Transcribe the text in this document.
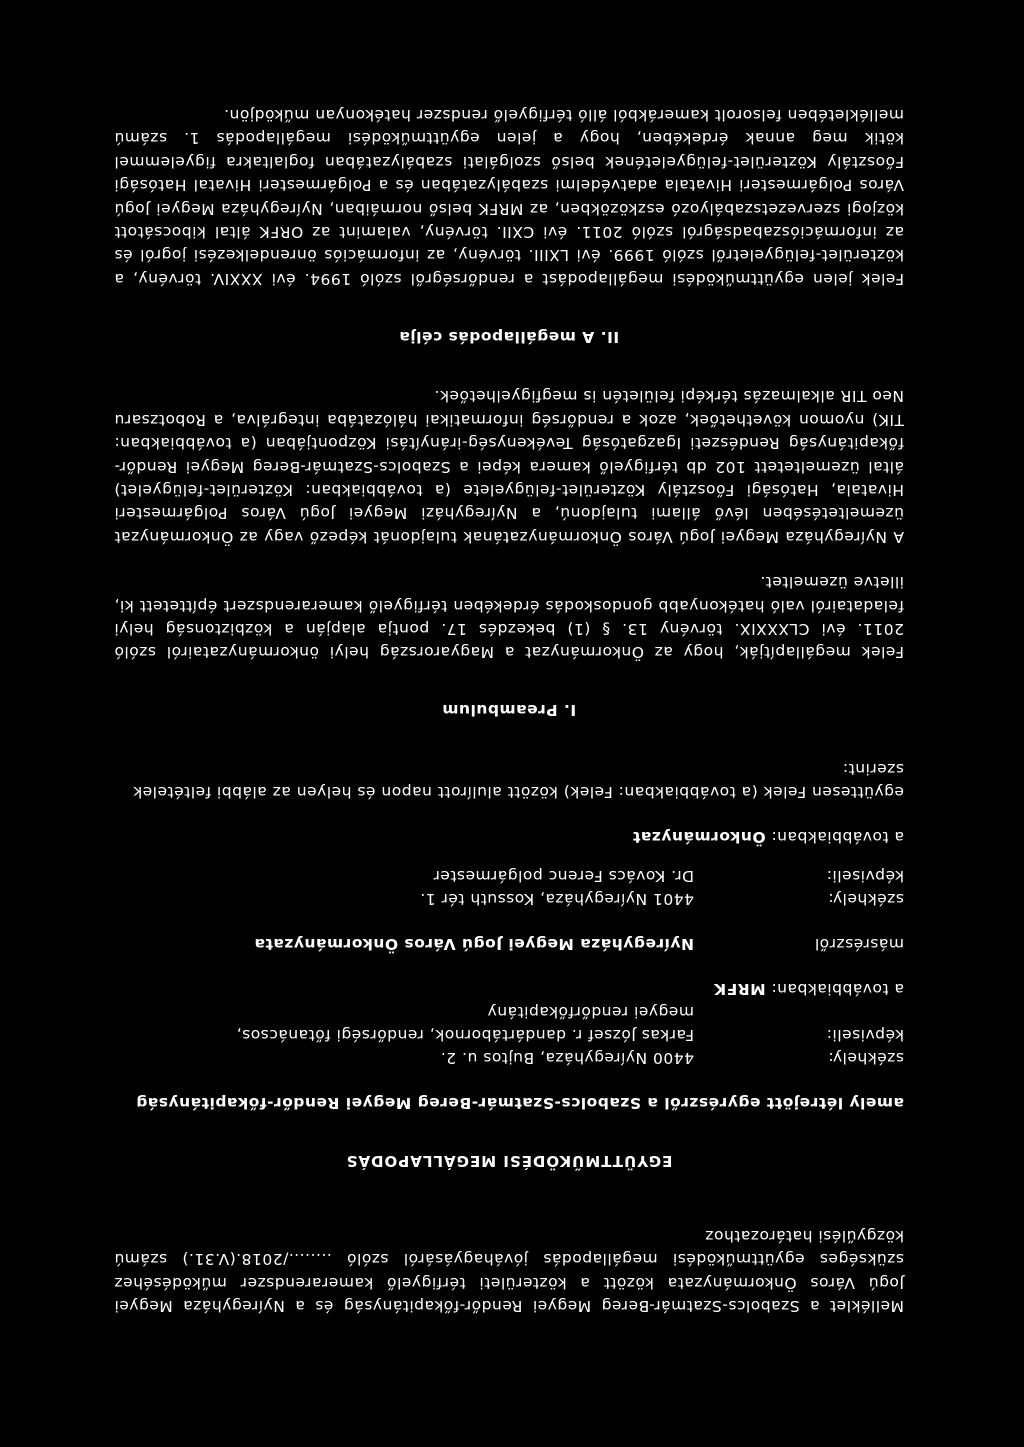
Melléklet a Szabolcs-Szatmár-Bereg Megyei Rendőr-főkapitányság és a Nyíregyháza Megyei Jogú Város Önkormányzata között a közterületi térfigyelő kamerarendszer működéséhez szükséges együttműködési megállapodás jóváhagyásáról szóló ......../2018.(V.31.) számú közgyűlési határozathoz

EGYÜTTMŰKÖDÉSI MEGÁLLAPODÁS

amely létrejött egyrészről a Szabolcs-Szatmár-Bereg Megyei Rendőr-főkapitányság

székhely:
4400 Nyíregyháza, Bujtos u. 2.
képviseli:
Farkas József r. dandártábornok, rendőrségi főtanácsos,
megyei rendőrfőkapitány

a továbbiakban: MRFK

másrészről
Nyíregyháza Megyei Jogú Város Önkormányzata
székhely:
4401 Nyíregyháza, Kossuth tér 1.
képviseli:
Dr. Kovács Ferenc polgármester

a továbbiakban: Önkormányzat

együttesen Felek (a továbbiakban: Felek) között alulírott napon és helyen az alábbi feltételek szerint:

I. Preambulum

Felek megállapítják, hogy az Önkormányzat a Magyarország helyi önkormányzatairól szóló 2011. évi CLXXXIX. törvény 13. § (1) bekezdés 17. pontja alapján a közbiztonság helyi feladatairól való hatékonyabb gondoskodás érdekében térfigyelő kamerarendszert építtetett ki, illetve üzemeltet.

A Nyíregyháza Megyei Jogú Város Önkormányzatának tulajdonát képező vagy az Önkormányzat üzemeltetésében lévő állami tulajdonú, a Nyíregyházi Megyei Jogú Város Polgármesteri Hivatala, Hatósági Főosztály Közterület-felügyelete (a továbbiakban: Közterület-felügyelet) által üzemeltetett 102 db térfigyelő kamera képei a Szabolcs-Szatmár-Bereg Megyei Rendőr-főkapitányság Rendészeti Igazgatóság Tevékenység-irányítási Központjában (a továbbiakban: TIK) nyomon követhetőek, azok a rendőrség informatikai hálózatába integrálva, a Robotzsaru Neo TIR alkalmazás térképi felületén is megfigyelhetőek.

II. A megállapodás célja

Felek jelen együttműködési megállapodást a rendőrségről szóló 1994. évi XXXIV. törvény, a közterület-felügyeletről szóló 1999. évi LXIII. törvény, az információs önrendelkezési jogról és az információszabadságról szóló 2011. évi CXII. törvény, valamint az ORFK által kibocsátott közjogi szervezetszabályozó eszközökben, az MRFK belső normáiban, Nyíregyháza Megyei Jogú Város Polgármesteri Hivatala adatvédelmi szabályzatában és a Polgármesteri Hivatal Hatósági Főosztály Közterület-felügyeletének belső szolgálati szabályzatában foglaltakra figyelemmel kötik meg annak érdekében, hogy a jelen együttműködési megállapodás 1. számú mellékletében felsorolt kamerákból álló térfigyelő rendszer hatékonyan működjön.
